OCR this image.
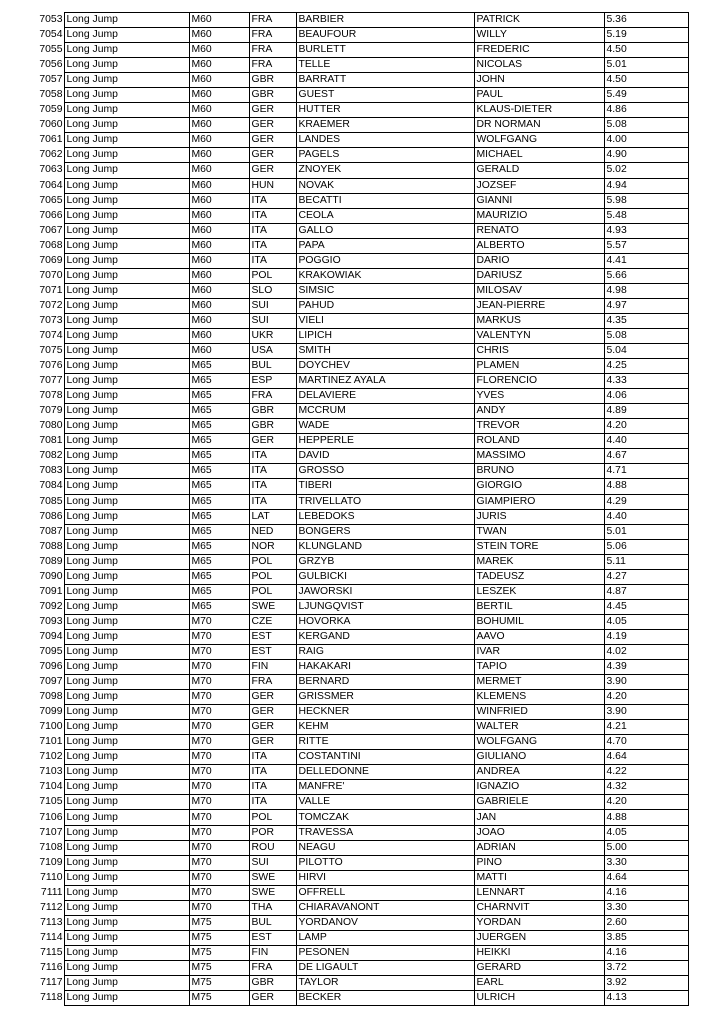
7053	Long Jump	M60	FRA	BARBIER	PATRICK	5.36
7054	Long Jump	M60	FRA	BEAUFOUR	WILLY	5.19
7055	Long Jump	M60	FRA	BURLETT	FREDERIC	4.50
7056	Long Jump	M60	FRA	TELLE	NICOLAS	5.01
7057	Long Jump	M60	GBR	BARRATT	JOHN	4.50
7058	Long Jump	M60	GBR	GUEST	PAUL	5.49
7059	Long Jump	M60	GER	HUTTER	KLAUS-DIETER	4.86
7060	Long Jump	M60	GER	KRAEMER	DR NORMAN	5.08
7061	Long Jump	M60	GER	LANDES	WOLFGANG	4.00
7062	Long Jump	M60	GER	PAGELS	MICHAEL	4.90
7063	Long Jump	M60	GER	ZNOYEK	GERALD	5.02
7064	Long Jump	M60	HUN	NOVAK	JOZSEF	4.94
7065	Long Jump	M60	ITA	BECATTI	GIANNI	5.98
7066	Long Jump	M60	ITA	CEOLA	MAURIZIO	5.48
7067	Long Jump	M60	ITA	GALLO	RENATO	4.93
7068	Long Jump	M60	ITA	PAPA	ALBERTO	5.57
7069	Long Jump	M60	ITA	POGGIO	DARIO	4.41
7070	Long Jump	M60	POL	KRAKOWIAK	DARIUSZ	5.66
7071	Long Jump	M60	SLO	SIMSIC	MILOSAV	4.98
7072	Long Jump	M60	SUI	PAHUD	JEAN-PIERRE	4.97
7073	Long Jump	M60	SUI	VIELI	MARKUS	4.35
7074	Long Jump	M60	UKR	LIPICH	VALENTYN	5.08
7075	Long Jump	M60	USA	SMITH	CHRIS	5.04
7076	Long Jump	M65	BUL	DOYCHEV	PLAMEN	4.25
7077	Long Jump	M65	ESP	MARTINEZ AYALA	FLORENCIO	4.33
7078	Long Jump	M65	FRA	DELAVIERE	YVES	4.06
7079	Long Jump	M65	GBR	MCCRUM	ANDY	4.89
7080	Long Jump	M65	GBR	WADE	TREVOR	4.20
7081	Long Jump	M65	GER	HEPPERLE	ROLAND	4.40
7082	Long Jump	M65	ITA	DAVID	MASSIMO	4.67
7083	Long Jump	M65	ITA	GROSSO	BRUNO	4.71
7084	Long Jump	M65	ITA	TIBERI	GIORGIO	4.88
7085	Long Jump	M65	ITA	TRIVELLATO	GIAMPIERO	4.29
7086	Long Jump	M65	LAT	LEBEDOKS	JURIS	4.40
7087	Long Jump	M65	NED	BONGERS	TWAN	5.01
7088	Long Jump	M65	NOR	KLUNGLAND	STEIN TORE	5.06
7089	Long Jump	M65	POL	GRZYB	MAREK	5.11
7090	Long Jump	M65	POL	GULBICKI	TADEUSZ	4.27
7091	Long Jump	M65	POL	JAWORSKI	LESZEK	4.87
7092	Long Jump	M65	SWE	LJUNGQVIST	BERTIL	4.45
7093	Long Jump	M70	CZE	HOVORKA	BOHUMIL	4.05
7094	Long Jump	M70	EST	KERGAND	AAVO	4.19
7095	Long Jump	M70	EST	RAIG	IVAR	4.02
7096	Long Jump	M70	FIN	HAKAKARI	TAPIO	4.39
7097	Long Jump	M70	FRA	BERNARD	MERMET	3.90
7098	Long Jump	M70	GER	GRISSMER	KLEMENS	4.20
7099	Long Jump	M70	GER	HECKNER	WINFRIED	3.90
7100	Long Jump	M70	GER	KEHM	WALTER	4.21
7101	Long Jump	M70	GER	RITTE	WOLFGANG	4.70
7102	Long Jump	M70	ITA	COSTANTINI	GIULIANO	4.64
7103	Long Jump	M70	ITA	DELLEDONNE	ANDREA	4.22
7104	Long Jump	M70	ITA	MANFRE'	IGNAZIO	4.32
7105	Long Jump	M70	ITA	VALLE	GABRIELE	4.20
7106	Long Jump	M70	POL	TOMCZAK	JAN	4.88
7107	Long Jump	M70	POR	TRAVESSA	JOAO	4.05
7108	Long Jump	M70	ROU	NEAGU	ADRIAN	5.00
7109	Long Jump	M70	SUI	PILOTTO	PINO	3.30
7110	Long Jump	M70	SWE	HIRVI	MATTI	4.64
7111	Long Jump	M70	SWE	OFFRELL	LENNART	4.16
7112	Long Jump	M70	THA	CHIARAVANONT	CHARNVIT	3.30
7113	Long Jump	M75	BUL	YORDANOV	YORDAN	2.60
7114	Long Jump	M75	EST	LAMP	JUERGEN	3.85
7115	Long Jump	M75	FIN	PESONEN	HEIKKI	4.16
7116	Long Jump	M75	FRA	DE LIGAULT	GERARD	3.72
7117	Long Jump	M75	GBR	TAYLOR	EARL	3.92
7118	Long Jump	M75	GER	BECKER	ULRICH	4.13
